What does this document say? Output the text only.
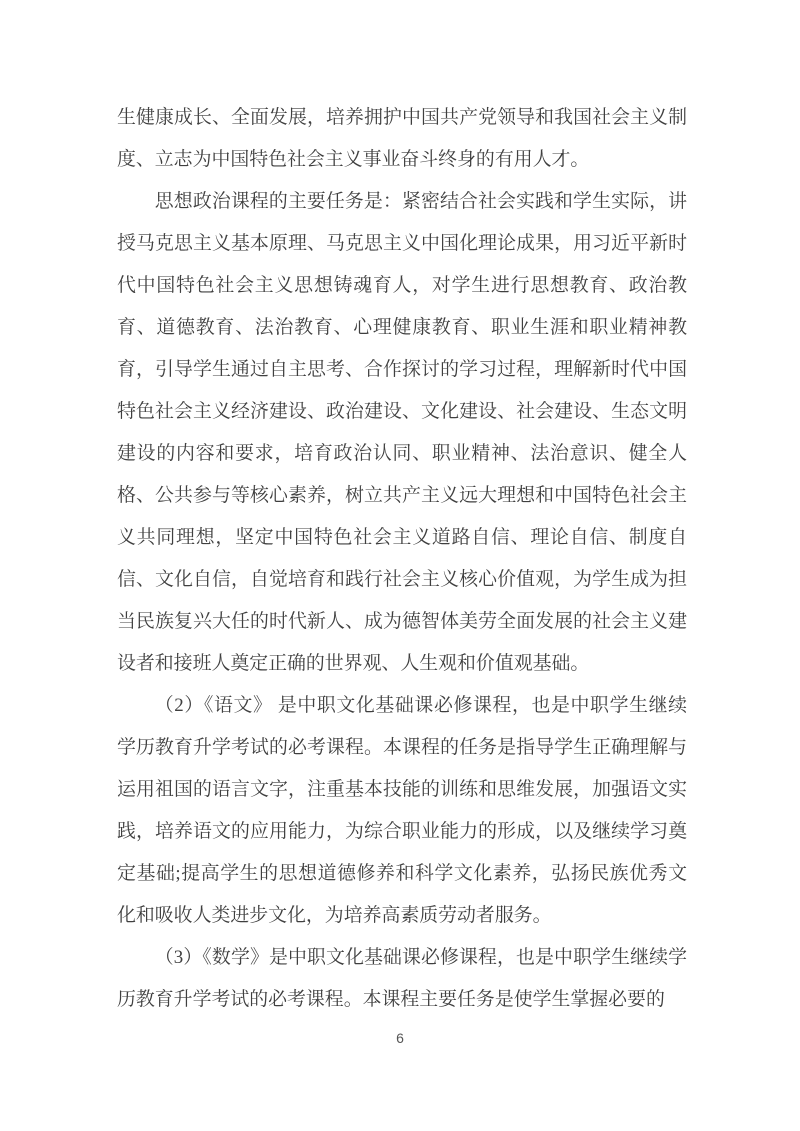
生健康成长、全面发展，培养拥护中国共产党领导和我国社会主义制度、立志为中国特色社会主义事业奋斗终身的有用人才。

思想政治课程的主要任务是：紧密结合社会实践和学生实际，讲授马克思主义基本原理、马克思主义中国化理论成果，用习近平新时代中国特色社会主义思想铸魂育人，对学生进行思想教育、政治教育、道德教育、法治教育、心理健康教育、职业生涯和职业精神教育，引导学生通过自主思考、合作探讨的学习过程，理解新时代中国特色社会主义经济建设、政治建设、文化建设、社会建设、生态文明建设的内容和要求，培育政治认同、职业精神、法治意识、健全人格、公共参与等核心素养，树立共产主义远大理想和中国特色社会主义共同理想，坚定中国特色社会主义道路自信、理论自信、制度自信、文化自信，自觉培育和践行社会主义核心价值观，为学生成为担当民族复兴大任的时代新人、成为德智体美劳全面发展的社会主义建设者和接班人奠定正确的世界观、人生观和价值观基础。

（2）《语文》 是中职文化基础课必修课程，也是中职学生继续学历教育升学考试的必考课程。本课程的任务是指导学生正确理解与运用祖国的语言文字，注重基本技能的训练和思维发展，加强语文实践，培养语文的应用能力，为综合职业能力的形成，以及继续学习奠定基础;提高学生的思想道德修养和科学文化素养，弘扬民族优秀文化和吸收人类进步文化，为培养高素质劳动者服务。

（3）《数学》是中职文化基础课必修课程，也是中职学生继续学历教育升学考试的必考课程。本课程主要任务是使学生掌握必要的

6
